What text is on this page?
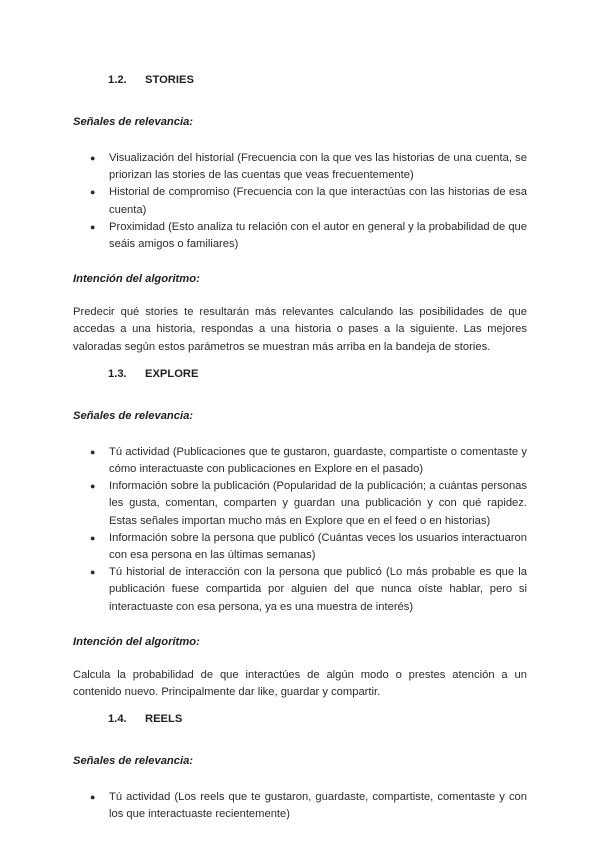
1.2. STORIES
Señales de relevancia:
● Visualización del historial (Frecuencia con la que ves las historias de una cuenta, se priorizan las stories de las cuentas que veas frecuentemente)
● Historial de compromiso (Frecuencia con la que interactúas con las historias de esa cuenta)
● Proximidad (Esto analiza tu relación con el autor en general y la probabilidad de que seáis amigos o familiares)
Intención del algoritmo:

Predecir qué stories te resultarán más relevantes calculando las posibilidades de que accedas a una historia, respondas a una historia o pases a la siguiente. Las mejores valoradas según estos parámetros se muestran más arriba en la bandeja de stories.

1.3. EXPLORE
Señales de relevancia:
● Tú actividad (Publicaciones que te gustaron, guardaste, compartiste o comentaste y cómo interactuaste con publicaciones en Explore en el pasado)
● Información sobre la publicación (Popularidad de la publicación; a cuántas personas les gusta, comentan, comparten y guardan una publicación y con qué rapidez. Estas señales importan mucho más en Explore que en el feed o en historias)
● Información sobre la persona que publicó (Cuántas veces los usuarios interactuaron con esa persona en las últimas semanas)
● Tú historial de interacción con la persona que publicó (Lo más probable es que la publicación fuese compartida por alguien del que nunca oíste hablar, pero si interactuaste con esa persona, ya es una muestra de interés)
Intención del algoritmo:

Calcula la probabilidad de que interactúes de algún modo o prestes atención a un contenido nuevo. Principalmente dar like, guardar y compartir.

1.4. REELS
Señales de relevancia:
● Tú actividad (Los reels que te gustaron, guardaste, compartiste, comentaste y con los que interactuaste recientemente)
